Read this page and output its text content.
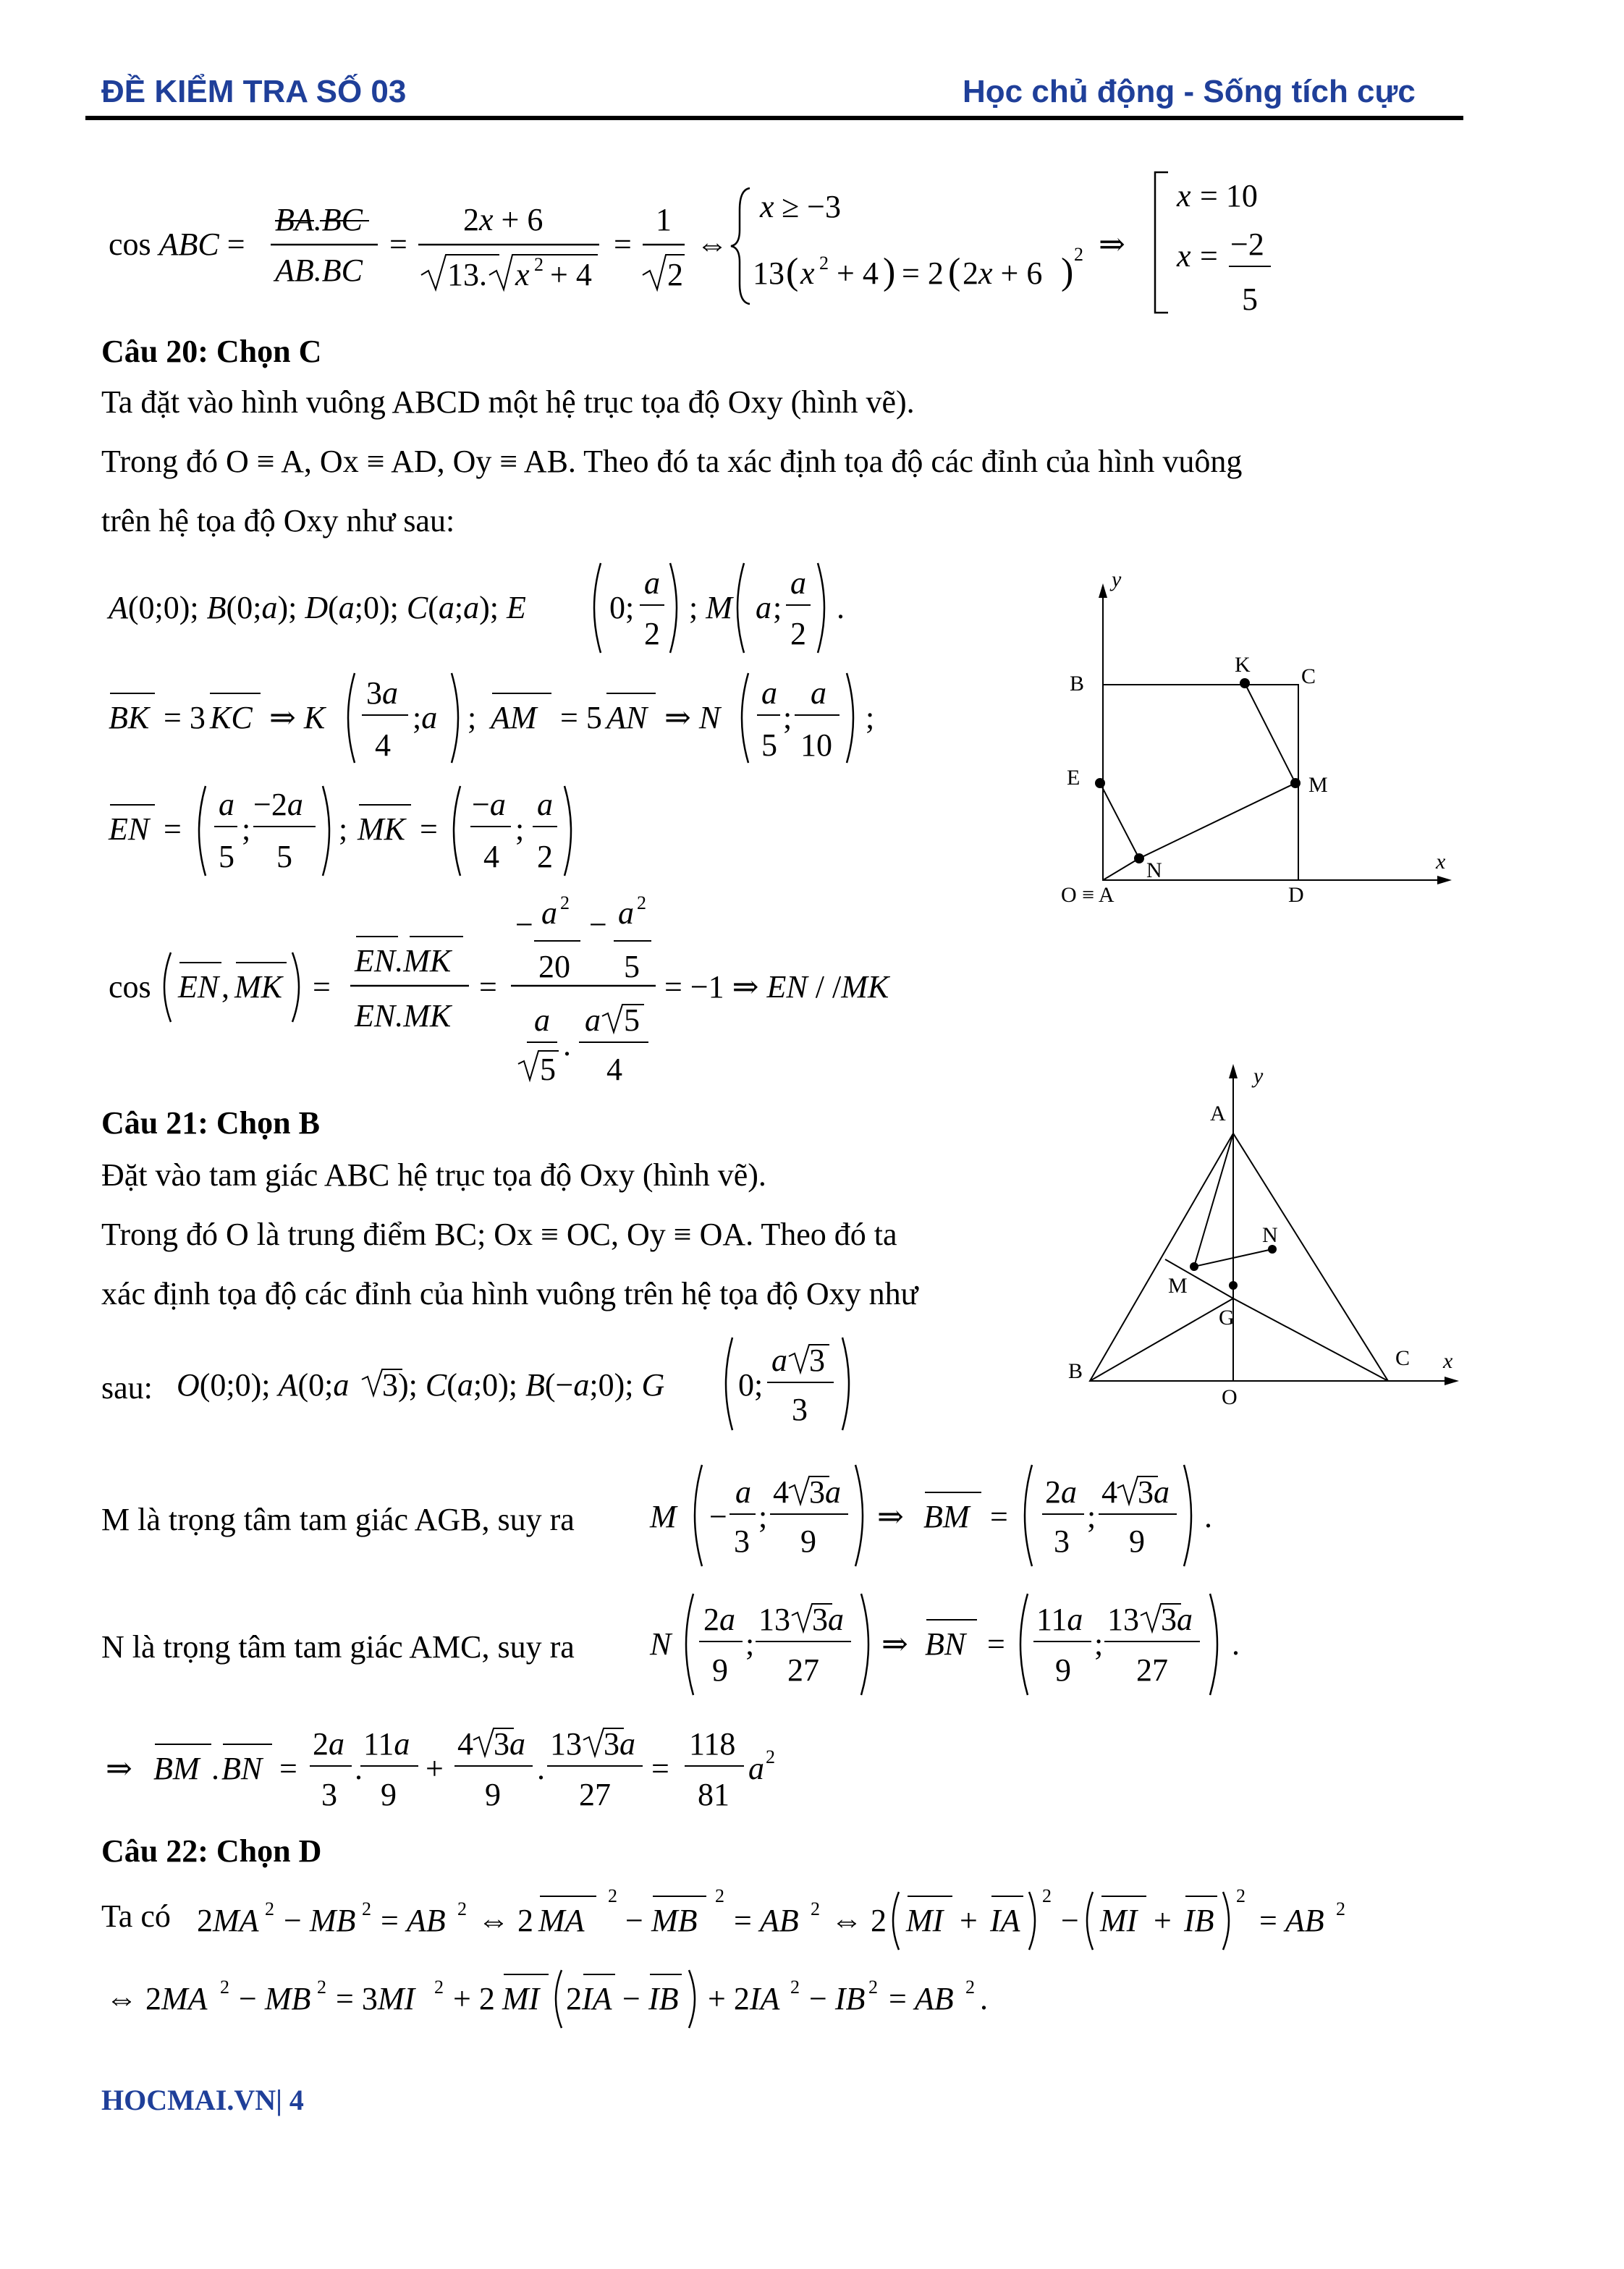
ĐỀ KIỂM TRA SỐ 03	Học chủ động - Sống tích cực
cos ABC =
BA.BC
AB.BC
=
2x + 6
13. x 2 + 4
=
1
2
⇔
x ≥ −3
13 ( x 2 + 4 ) = 2 ( 2x + 6 ) 2 ⇒
x = 10
x = −2
5
Câu 20: Chọn C
Ta đặt vào hình vuông ABCD một hệ trục tọa độ Oxy (hình vẽ).
Trong đó O ≡ A, Ox ≡ AD, Oy ≡ AB. Theo đó ta xác định tọa độ các đỉnh của hình vuông
trên hệ tọa độ Oxy như sau:
A(0;0); B(0;a); D(a;0); C(a;a); E	0;
a
2
; M a ;
a
2
.
BK = 3 KC ⇒ K
3a
4
;a ; AM = 5 AN ⇒ N
a
5
;
a
10
;
EN =
a
5
;
−2a
5
; MK =
−a
4
;
a
2
cos EN , MK =
EN.MK
EN.MK
=
− a 2
20
− a 2
5
a
5
.
a 5
4
= −1 ⇒ EN / /MK
y
B
K C
E	M
N	x
O ≡ A	D
Câu 21: Chọn B
Đặt vào tam giác ABC hệ trục tọa độ Oxy (hình vẽ).
Trong đó O là trung điểm BC; Ox ≡ OC, Oy ≡ OA. Theo đó ta
xác định tọa độ các đỉnh của hình vuông trên hệ tọa độ Oxy như
sau:
M là trọng tâm tam giác AGB, suy ra
N là trọng tâm tam giác AMC, suy ra
O(0;0); A(0;a 3); C(a;0); B(−a;0); G 0;
a 3
3
M −
a
3
;
4 3a
9
⇒ BM =
2a
3
;
4 3a
9
.
N
2a
9
;
13 3a
27
⇒ BN =
11a
9
;
13 3a
27
.
⇒ BM . BN =
2a
3
.
11a
9
+
4 3a
9
.
13 3a
27
=
118
81
a 2
y
A
N
M
G
B
C x
O
Câu 22: Chọn D
Ta có 2MA 2 − MB 2 = AB 2 ⇔ 2 MA
2
− MB
2
= AB 2 ⇔ 2 MI + IA
2
− MI + IB
2
= AB 2
⇔ 2MA 2 − MB 2 = 3MI 2 + 2 MI 2 IA − IB + 2IA 2 − IB 2 = AB 2 .
HOCMAI.VN| 4
